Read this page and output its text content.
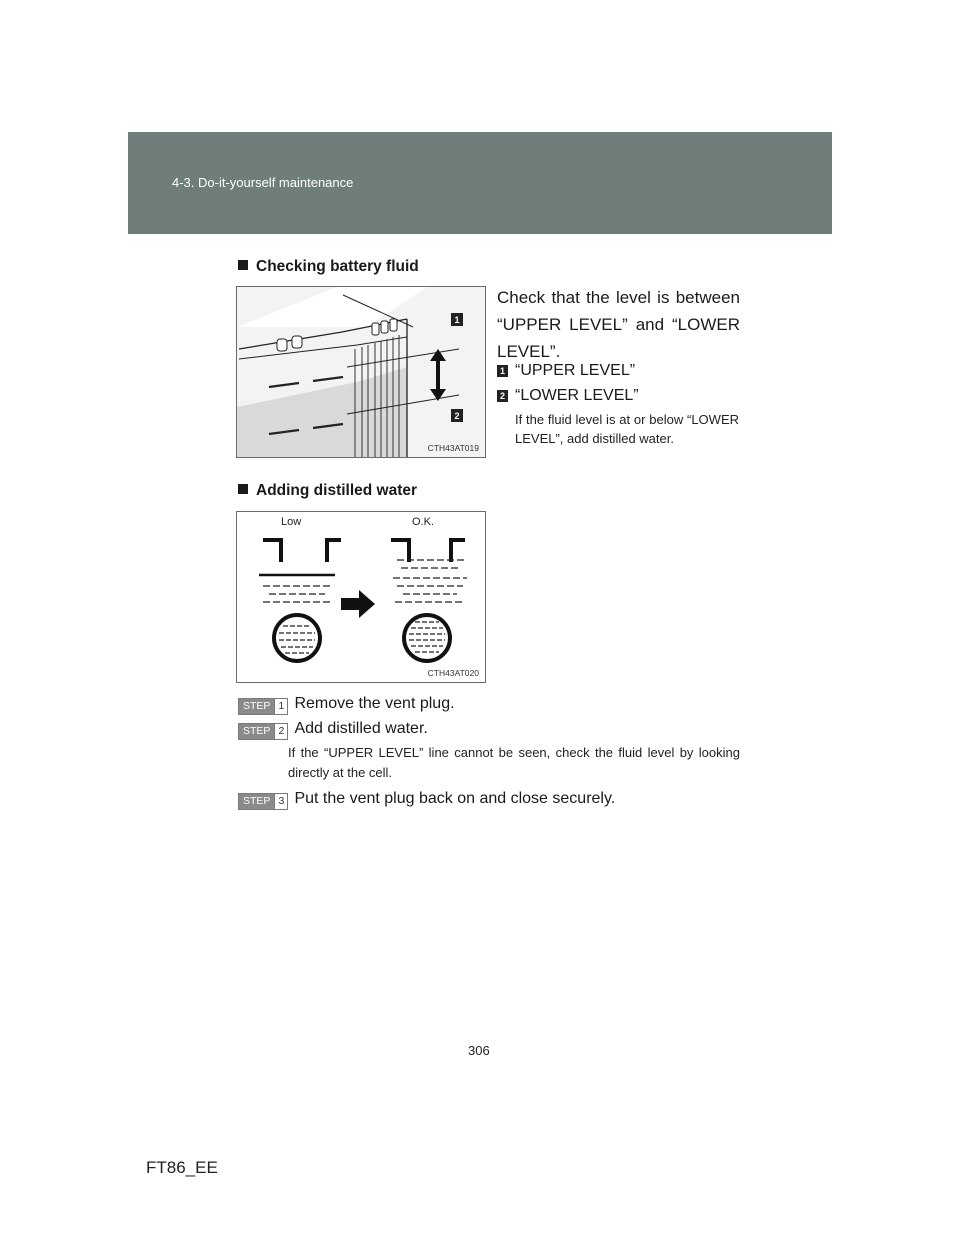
4-3. Do-it-yourself maintenance
Checking battery fluid
1
2
CTH43AT019
Check that the level is between “UPPER LEVEL” and “LOWER LEVEL”.
1 “UPPER LEVEL”
2 “LOWER LEVEL”
If the fluid level is at or below “LOWER LEVEL”, add distilled water.
Adding distilled water
Low	O.K.
CTH43AT020
STEP 1 Remove the vent plug.
STEP 2 Add distilled water.
If the “UPPER LEVEL” line cannot be seen, check the fluid level by looking directly at the cell.
STEP 3 Put the vent plug back on and close securely.
306
FT86_EE
